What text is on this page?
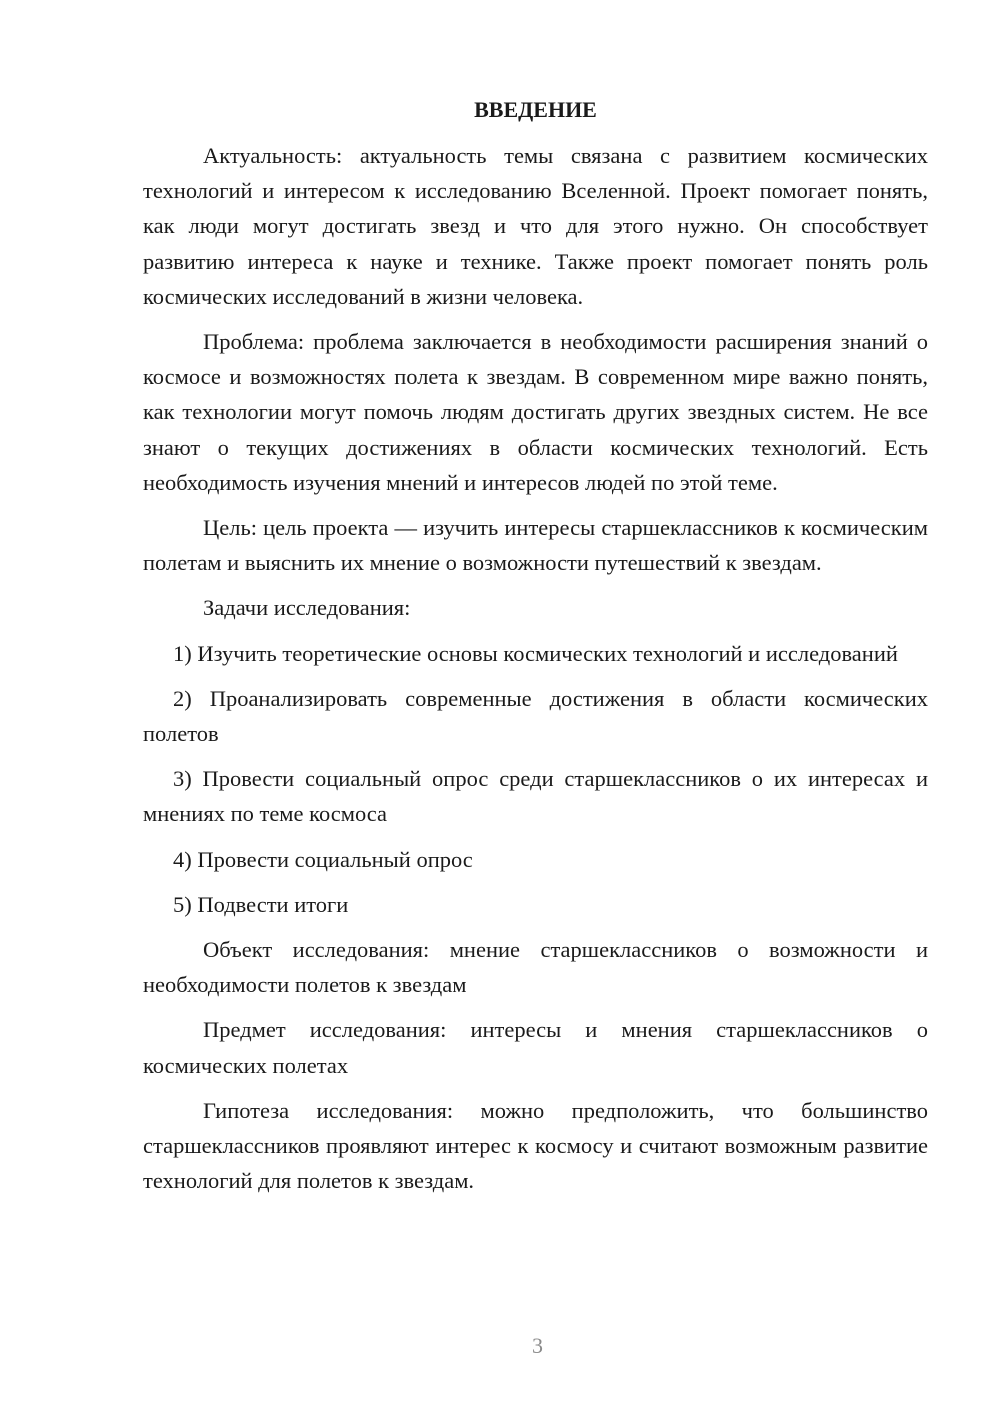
ВВЕДЕНИЕ

Актуальность: актуальность темы связана с развитием космических технологий и интересом к исследованию Вселенной. Проект помогает понять, как люди могут достигать звезд и что для этого нужно. Он способствует развитию интереса к науке и технике. Также проект помогает понять роль космических исследований в жизни человека.

Проблема: проблема заключается в необходимости расширения знаний о космосе и возможностях полета к звездам. В современном мире важно понять, как технологии могут помочь людям достигать других звездных систем. Не все знают о текущих достижениях в области космических технологий. Есть необходимость изучения мнений и интересов людей по этой теме.

Цель: цель проекта — изучить интересы старшеклассников к космическим полетам и выяснить их мнение о возможности путешествий к звездам.

Задачи исследования:

1) Изучить теоретические основы космических технологий и исследований

2) Проанализировать современные достижения в области космических полетов

3) Провести социальный опрос среди старшеклассников о их интересах и мнениях по теме космоса

4) Провести социальный опрос

5) Подвести итоги

Объект исследования: мнение старшеклассников о возможности и необходимости полетов к звездам

Предмет исследования: интересы и мнения старшеклассников о космических полетах

Гипотеза исследования: можно предположить, что большинство старшеклассников проявляют интерес к космосу и считают возможным развитие технологий для полетов к звездам.

3
